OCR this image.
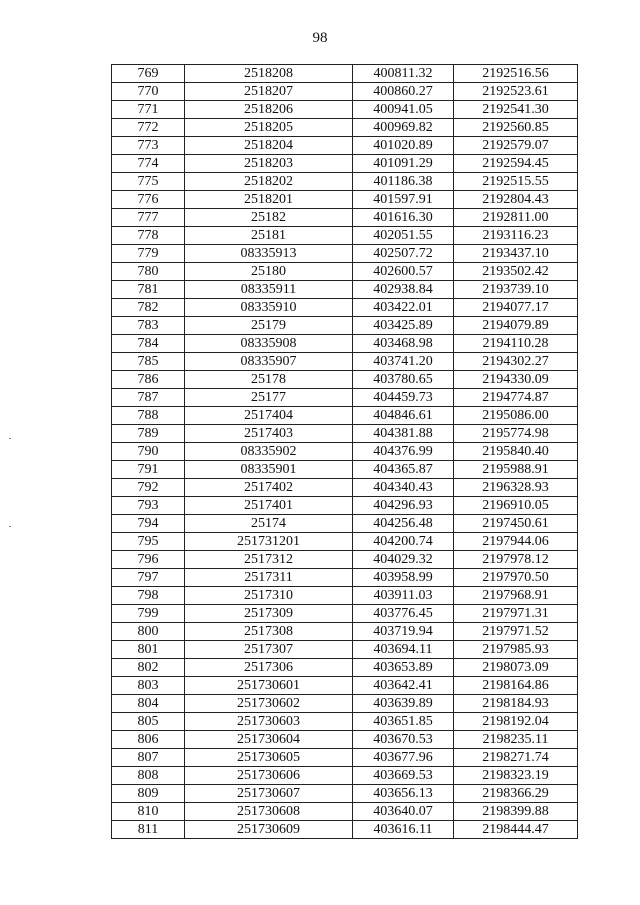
98
769	2518208	400811.32	2192516.56
770	2518207	400860.27	2192523.61
771	2518206	400941.05	2192541.30
772	2518205	400969.82	2192560.85
773	2518204	401020.89	2192579.07
774	2518203	401091.29	2192594.45
775	2518202	401186.38	2192515.55
776	2518201	401597.91	2192804.43
777	25182	401616.30	2192811.00
778	25181	402051.55	2193116.23
779	08335913	402507.72	2193437.10
780	25180	402600.57	2193502.42
781	08335911	402938.84	2193739.10
782	08335910	403422.01	2194077.17
783	25179	403425.89	2194079.89
784	08335908	403468.98	2194110.28
785	08335907	403741.20	2194302.27
786	25178	403780.65	2194330.09
787	25177	404459.73	2194774.87
788	2517404	404846.61	2195086.00
789	2517403	404381.88	2195774.98
790	08335902	404376.99	2195840.40
791	08335901	404365.87	2195988.91
792	2517402	404340.43	2196328.93
793	2517401	404296.93	2196910.05
794	25174	404256.48	2197450.61
795	251731201	404200.74	2197944.06
796	2517312	404029.32	2197978.12
797	2517311	403958.99	2197970.50
798	2517310	403911.03	2197968.91
799	2517309	403776.45	2197971.31
800	2517308	403719.94	2197971.52
801	2517307	403694.11	2197985.93
802	2517306	403653.89	2198073.09
803	251730601	403642.41	2198164.86
804	251730602	403639.89	2198184.93
805	251730603	403651.85	2198192.04
806	251730604	403670.53	2198235.11
807	251730605	403677.96	2198271.74
808	251730606	403669.53	2198323.19
809	251730607	403656.13	2198366.29
810	251730608	403640.07	2198399.88
811	251730609	403616.11	2198444.47
